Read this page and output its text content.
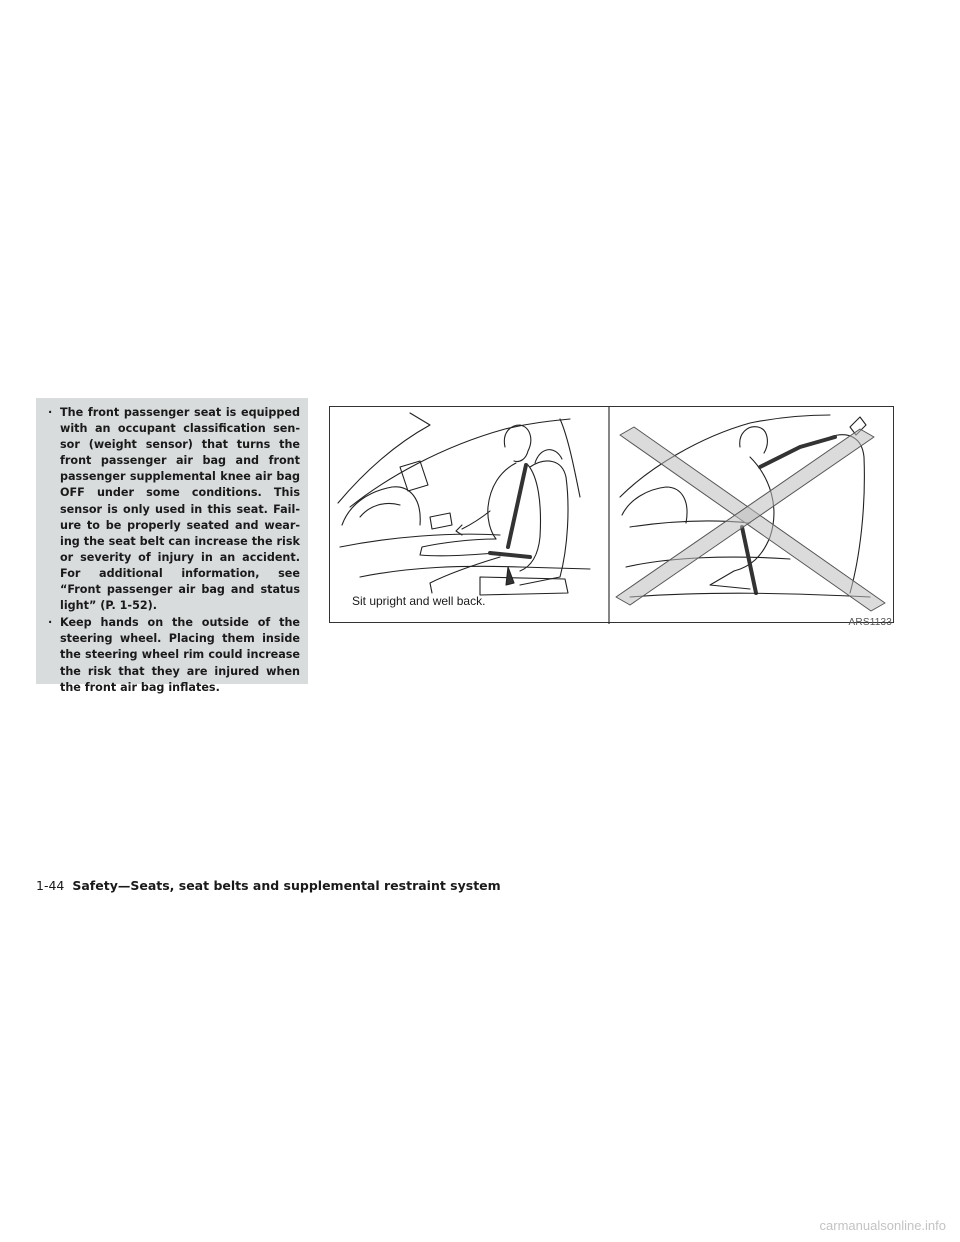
· The front passenger seat is equipped with an occupant classification sen- sor (weight sensor) that turns the front passenger air bag and front passenger supplemental knee air bag OFF under some conditions. This sensor is only used in this seat. Fail- ure to be properly seated and wear- ing the seat belt can increase the risk or severity of injury in an accident. For additional information, see “Front passenger air bag and status light” (P. 1-52).
· Keep hands on the outside of the steering wheel. Placing them inside the steering wheel rim could increase the risk that they are injured when the front air bag inflates.
Sit upright and well back.
ARS1133
1-44 Safety—Seats, seat belts and supplemental restraint system
carmanualsonline.info
